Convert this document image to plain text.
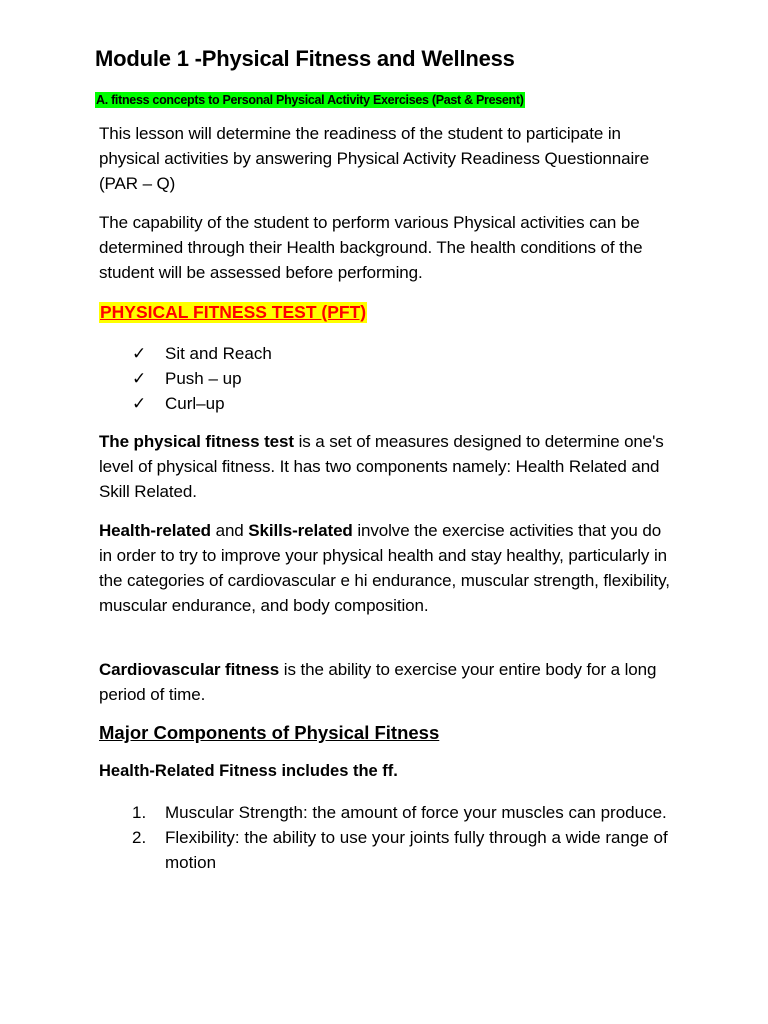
Module 1 -Physical Fitness and Wellness
A. fitness concepts to Personal Physical Activity Exercises (Past & Present)

This lesson will determine the readiness of the student to participate in physical activities by answering Physical Activity Readiness Questionnaire (PAR – Q)

The capability of the student to perform various Physical activities can be determined through their Health background. The health conditions of the student will be assessed before performing.

PHYSICAL FITNESS TEST (PFT)
✓	Sit and Reach
✓	Push – up
✓	Curl–up

The physical fitness test is a set of measures designed to determine one's level of physical fitness. It has two components namely: Health Related and Skill Related.

Health-related and Skills-related involve the exercise activities that you do in order to try to improve your physical health and stay healthy, particularly in the categories of cardiovascular e hi endurance, muscular strength, flexibility, muscular endurance, and body composition.

Cardiovascular fitness is the ability to exercise your entire body for a long period of time.

Major Components of Physical Fitness
Health-Related Fitness includes the ff.
1.	Muscular Strength: the amount of force your muscles can produce.
2.	Flexibility: the ability to use your joints fully through a wide range of motion
